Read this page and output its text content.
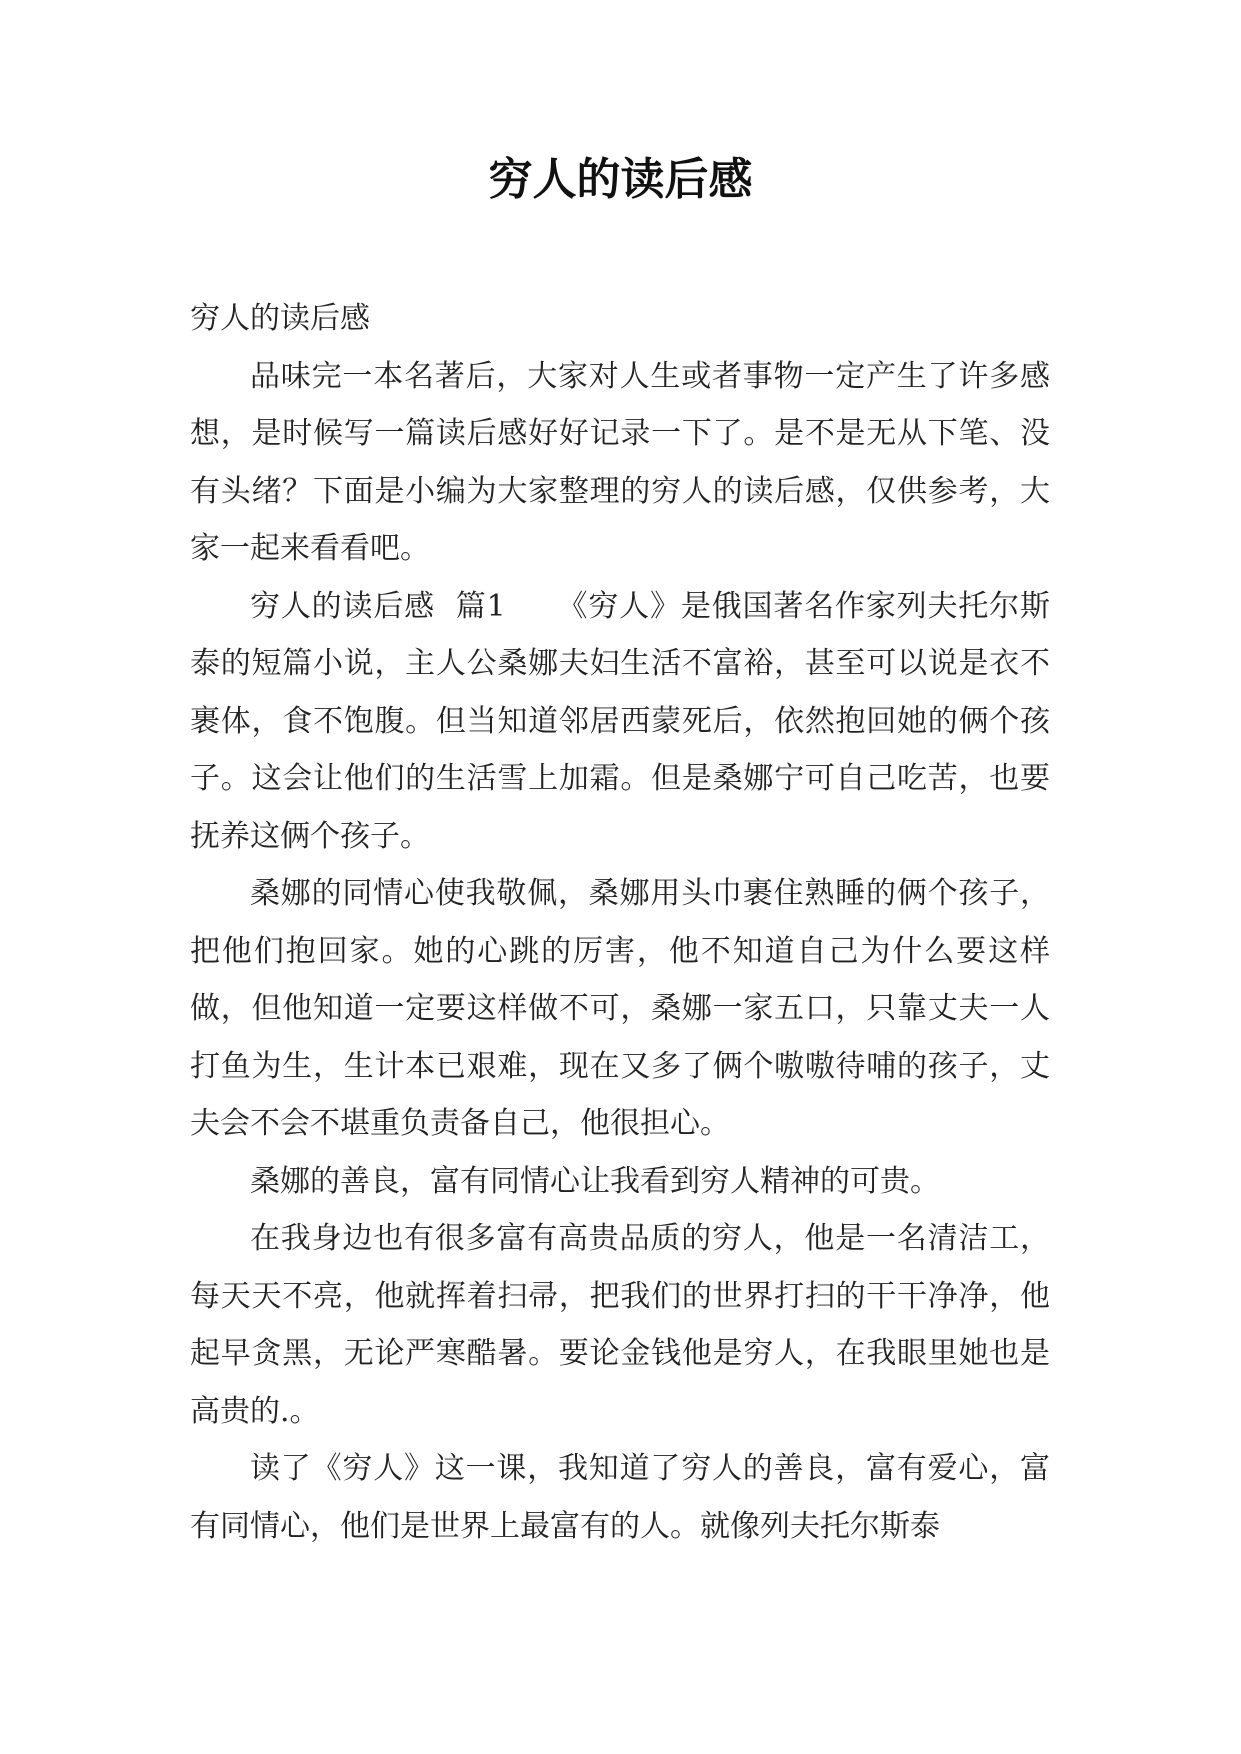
穷人的读后感

穷人的读后感

品味完一本名著后，大家对人生或者事物一定产生了许多感想，是时候写一篇读后感好好记录一下了。是不是无从下笔、没有头绪？下面是小编为大家整理的穷人的读后感，仅供参考，大家一起来看看吧。

穷人的读后感  篇1     《穷人》是俄国著名作家列夫托尔斯泰的短篇小说，主人公桑娜夫妇生活不富裕，甚至可以说是衣不裹体，食不饱腹。但当知道邻居西蒙死后，依然抱回她的俩个孩子。这会让他们的生活雪上加霜。但是桑娜宁可自己吃苦，也要抚养这俩个孩子。

桑娜的同情心使我敬佩，桑娜用头巾裹住熟睡的俩个孩子，把他们抱回家。她的心跳的厉害，他不知道自己为什么要这样做，但他知道一定要这样做不可，桑娜一家五口，只靠丈夫一人打鱼为生，生计本已艰难，现在又多了俩个嗷嗷待哺的孩子，丈夫会不会不堪重负责备自己，他很担心。

桑娜的善良，富有同情心让我看到穷人精神的可贵。

在我身边也有很多富有高贵品质的穷人，他是一名清洁工，每天天不亮，他就挥着扫帚，把我们的世界打扫的干干净净，他起早贪黑，无论严寒酷暑。要论金钱他是穷人，在我眼里她也是高贵的.。

读了《穷人》这一课，我知道了穷人的善良，富有爱心，富有同情心，他们是世界上最富有的人。就像列夫托尔斯泰
